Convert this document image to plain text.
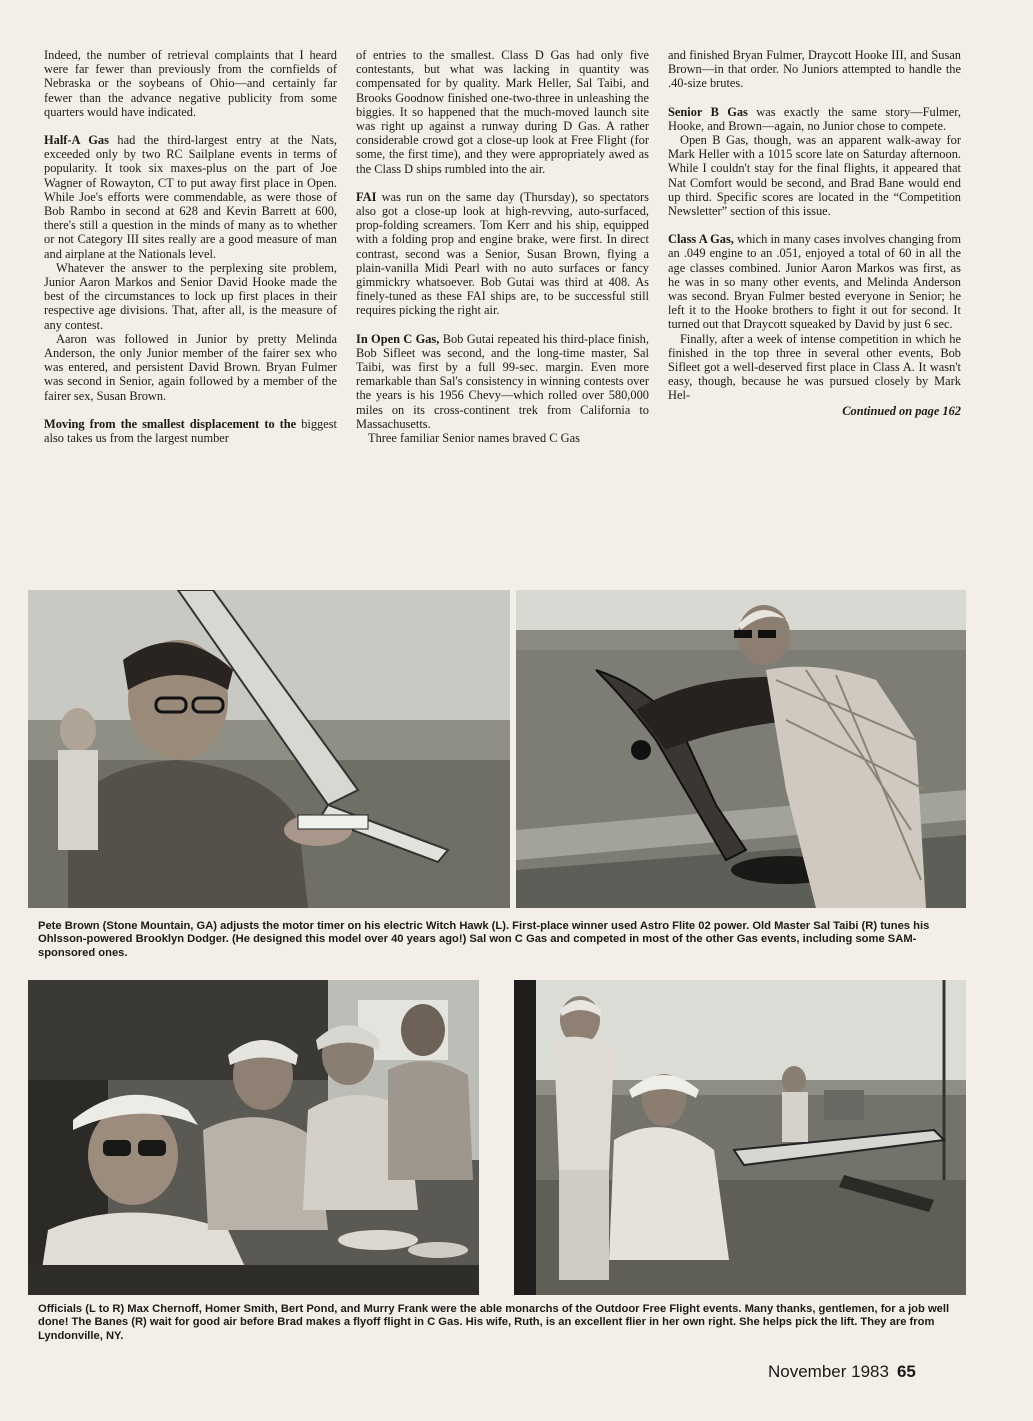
Indeed, the number of retrieval complaints that I heard were far fewer than previously from the cornfields of Nebraska or the soybeans of Ohio—and certainly far fewer than the advance negative publicity from some quarters would have indicated.

Half-A Gas had the third-largest entry at the Nats, exceeded only by two RC Sailplane events in terms of popularity. It took six maxes-plus on the part of Joe Wagner of Rowayton, CT to put away first place in Open. While Joe's efforts were commendable, as were those of Bob Rambo in second at 628 and Kevin Barrett at 600, there's still a question in the minds of many as to whether or not Category III sites really are a good measure of man and airplane at the Nationals level.

Whatever the answer to the perplexing site problem, Junior Aaron Markos and Senior David Hooke made the best of the circumstances to lock up first places in their respective age divisions. That, after all, is the measure of any contest.

Aaron was followed in Junior by pretty Melinda Anderson, the only Junior member of the fairer sex who was entered, and persistent David Brown. Bryan Fulmer was second in Senior, again followed by a member of the fairer sex, Susan Brown.

Moving from the smallest displacement to the biggest also takes us from the largest number

of entries to the smallest. Class D Gas had only five contestants, but what was lacking in quantity was compensated for by quality. Mark Heller, Sal Taibi, and Brooks Goodnow finished one-two-three in unleashing the biggies. It so happened that the much-moved launch site was right up against a runway during D Gas. A rather considerable crowd got a close-up look at Free Flight (for some, the first time), and they were appropriately awed as the Class D ships rumbled into the air.

FAI was run on the same day (Thursday), so spectators also got a close-up look at high-revving, auto-surfaced, prop-folding screamers. Tom Kerr and his ship, equipped with a folding prop and engine brake, were first. In direct contrast, second was a Senior, Susan Brown, flying a plain-vanilla Midi Pearl with no auto surfaces or fancy gimmickry whatsoever. Bob Gutai was third at 408. As finely-tuned as these FAI ships are, to be successful still requires picking the right air.

In Open C Gas, Bob Gutai repeated his third-place finish, Bob Sifleet was second, and the long-time master, Sal Taibi, was first by a full 99-sec. margin. Even more remarkable than Sal's consistency in winning contests over the years is his 1956 Chevy—which rolled over 580,000 miles on its cross-continent trek from California to Massachusetts.

Three familiar Senior names braved C Gas

and finished Bryan Fulmer, Draycott Hooke III, and Susan Brown—in that order. No Juniors attempted to handle the .40-size brutes.

Senior B Gas was exactly the same story—Fulmer, Hooke, and Brown—again, no Junior chose to compete.

Open B Gas, though, was an apparent walk-away for Mark Heller with a 1015 score late on Saturday afternoon. While I couldn't stay for the final flights, it appeared that Nat Comfort would be second, and Brad Bane would end up third. Specific scores are located in the “Competition Newsletter” section of this issue.

Class A Gas, which in many cases involves changing from an .049 engine to an .051, enjoyed a total of 60 in all the age classes combined. Junior Aaron Markos was first, as he was in so many other events, and Melinda Anderson was second. Bryan Fulmer bested everyone in Senior; he left it to the Hooke brothers to fight it out for second. It turned out that Draycott squeaked by David by just 6 sec.

Finally, after a week of intense competition in which he finished in the top three in several other events, Bob Sifleet got a well-deserved first place in Class A. It wasn't easy, though, because he was pursued closely by Mark Hel-

Continued on page 162
Pete Brown (Stone Mountain, GA) adjusts the motor timer on his electric Witch Hawk (L). First-place winner used Astro Flite 02 power. Old Master Sal Taibi (R) tunes his Ohlsson-powered Brooklyn Dodger. (He designed this model over 40 years ago!) Sal won C Gas and competed in most of the other Gas events, including some SAM-sponsored ones.
Officials (L to R) Max Chernoff, Homer Smith, Bert Pond, and Murry Frank were the able monarchs of the Outdoor Free Flight events. Many thanks, gentlemen, for a job well done! The Banes (R) wait for good air before Brad makes a flyoff flight in C Gas. His wife, Ruth, is an excellent flier in her own right. She helps pick the lift. They are from Lyndonville, NY.
November 1983 65
